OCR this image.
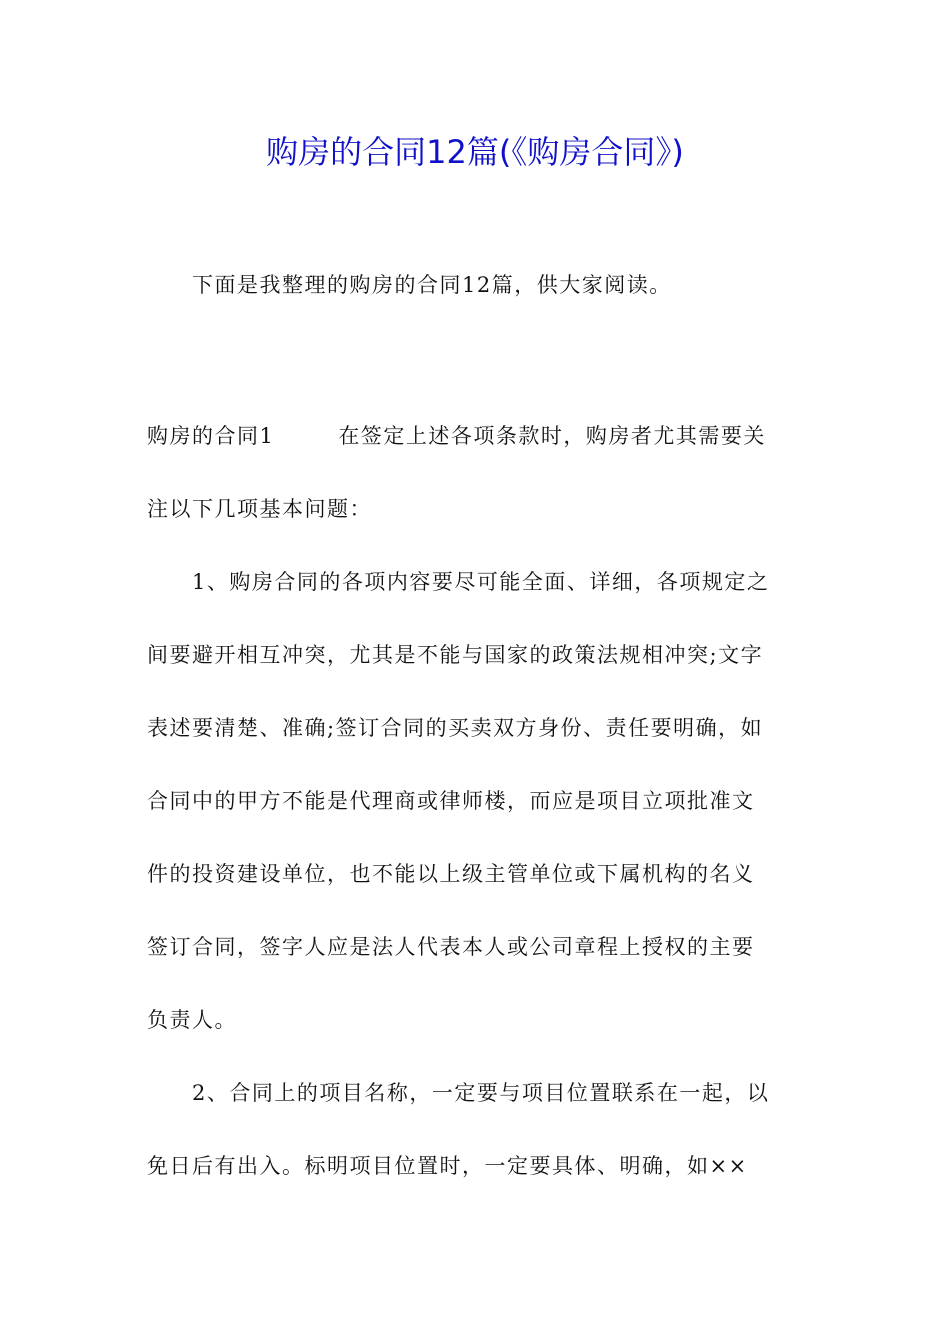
购房的合同12篇(《购房合同》)

下面是我整理的购房的合同12篇，供大家阅读。

购房的合同1	在签定上述各项条款时，购房者尤其需要关
注以下几项基本问题：
1、购房合同的各项内容要尽可能全面、详细，各项规定之
间要避开相互冲突，尤其是不能与国家的政策法规相冲突;文字
表述要清楚、准确;签订合同的买卖双方身份、责任要明确，如
合同中的甲方不能是代理商或律师楼，而应是项目立项批准文
件的投资建设单位，也不能以上级主管单位或下属机构的名义
签订合同，签字人应是法人代表本人或公司章程上授权的主要
负责人。
2、合同上的项目名称，一定要与项目位置联系在一起，以
免日后有出入。标明项目位置时，一定要具体、明确，如××
